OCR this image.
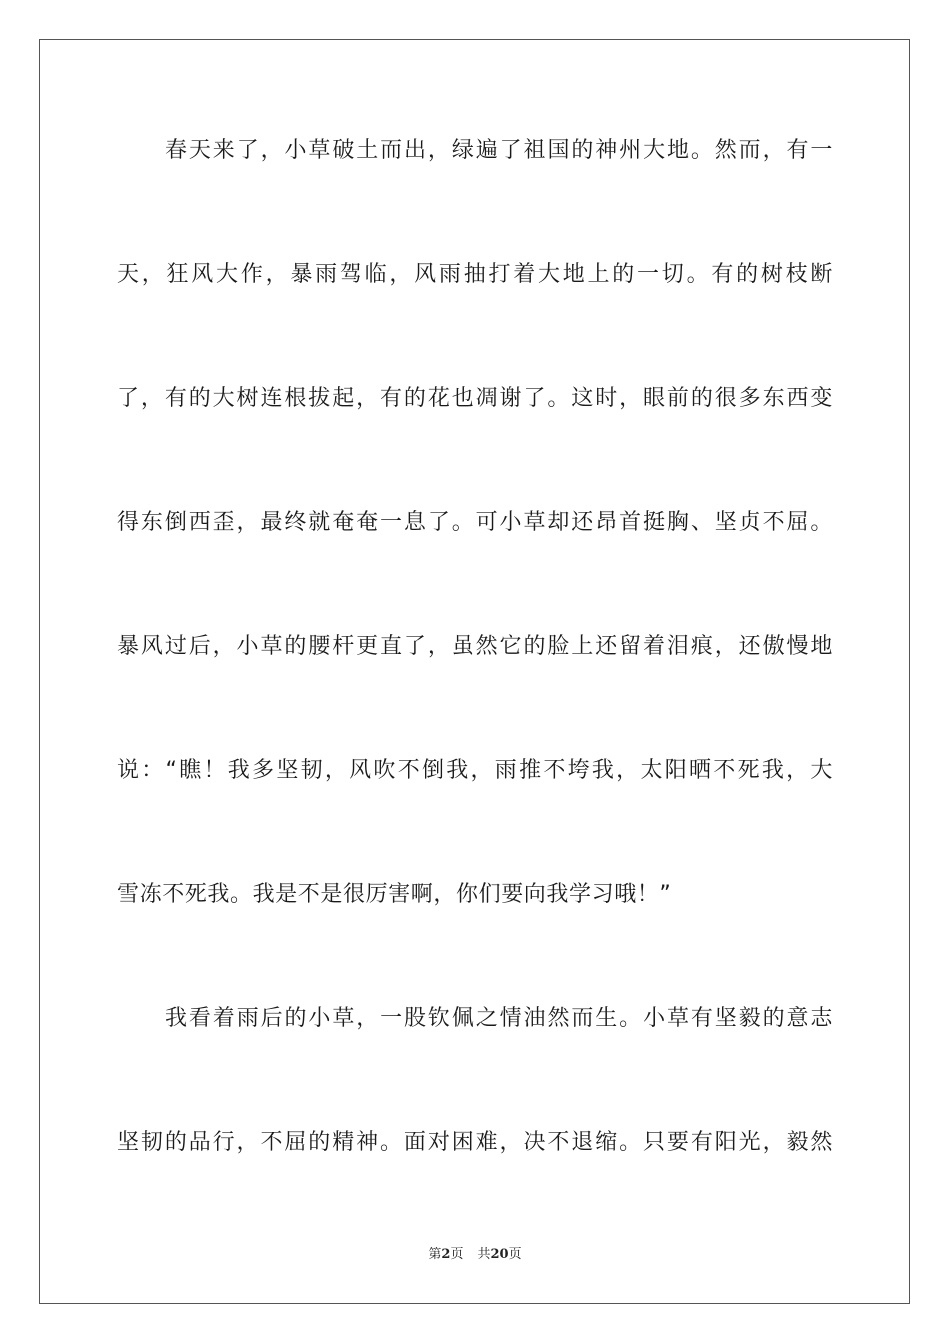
春天来了，小草破土而出，绿遍了祖国的神州大地。然而，有一
天，狂风大作，暴雨驾临，风雨抽打着大地上的一切。有的树枝断
了，有的大树连根拔起，有的花也凋谢了。这时，眼前的很多东西变
得东倒西歪，最终就奄奄一息了。可小草却还昂首挺胸、坚贞不屈。
暴风过后，小草的腰杆更直了，虽然它的脸上还留着泪痕，还傲慢地
说：“瞧！我多坚韧，风吹不倒我，雨推不垮我，太阳晒不死我，大
雪冻不死我。我是不是很厉害啊，你们要向我学习哦！”
我看着雨后的小草，一股钦佩之情油然而生。小草有坚毅的意志
坚韧的品行，不屈的精神。面对困难，决不退缩。只要有阳光，毅然
第2页 共20页
